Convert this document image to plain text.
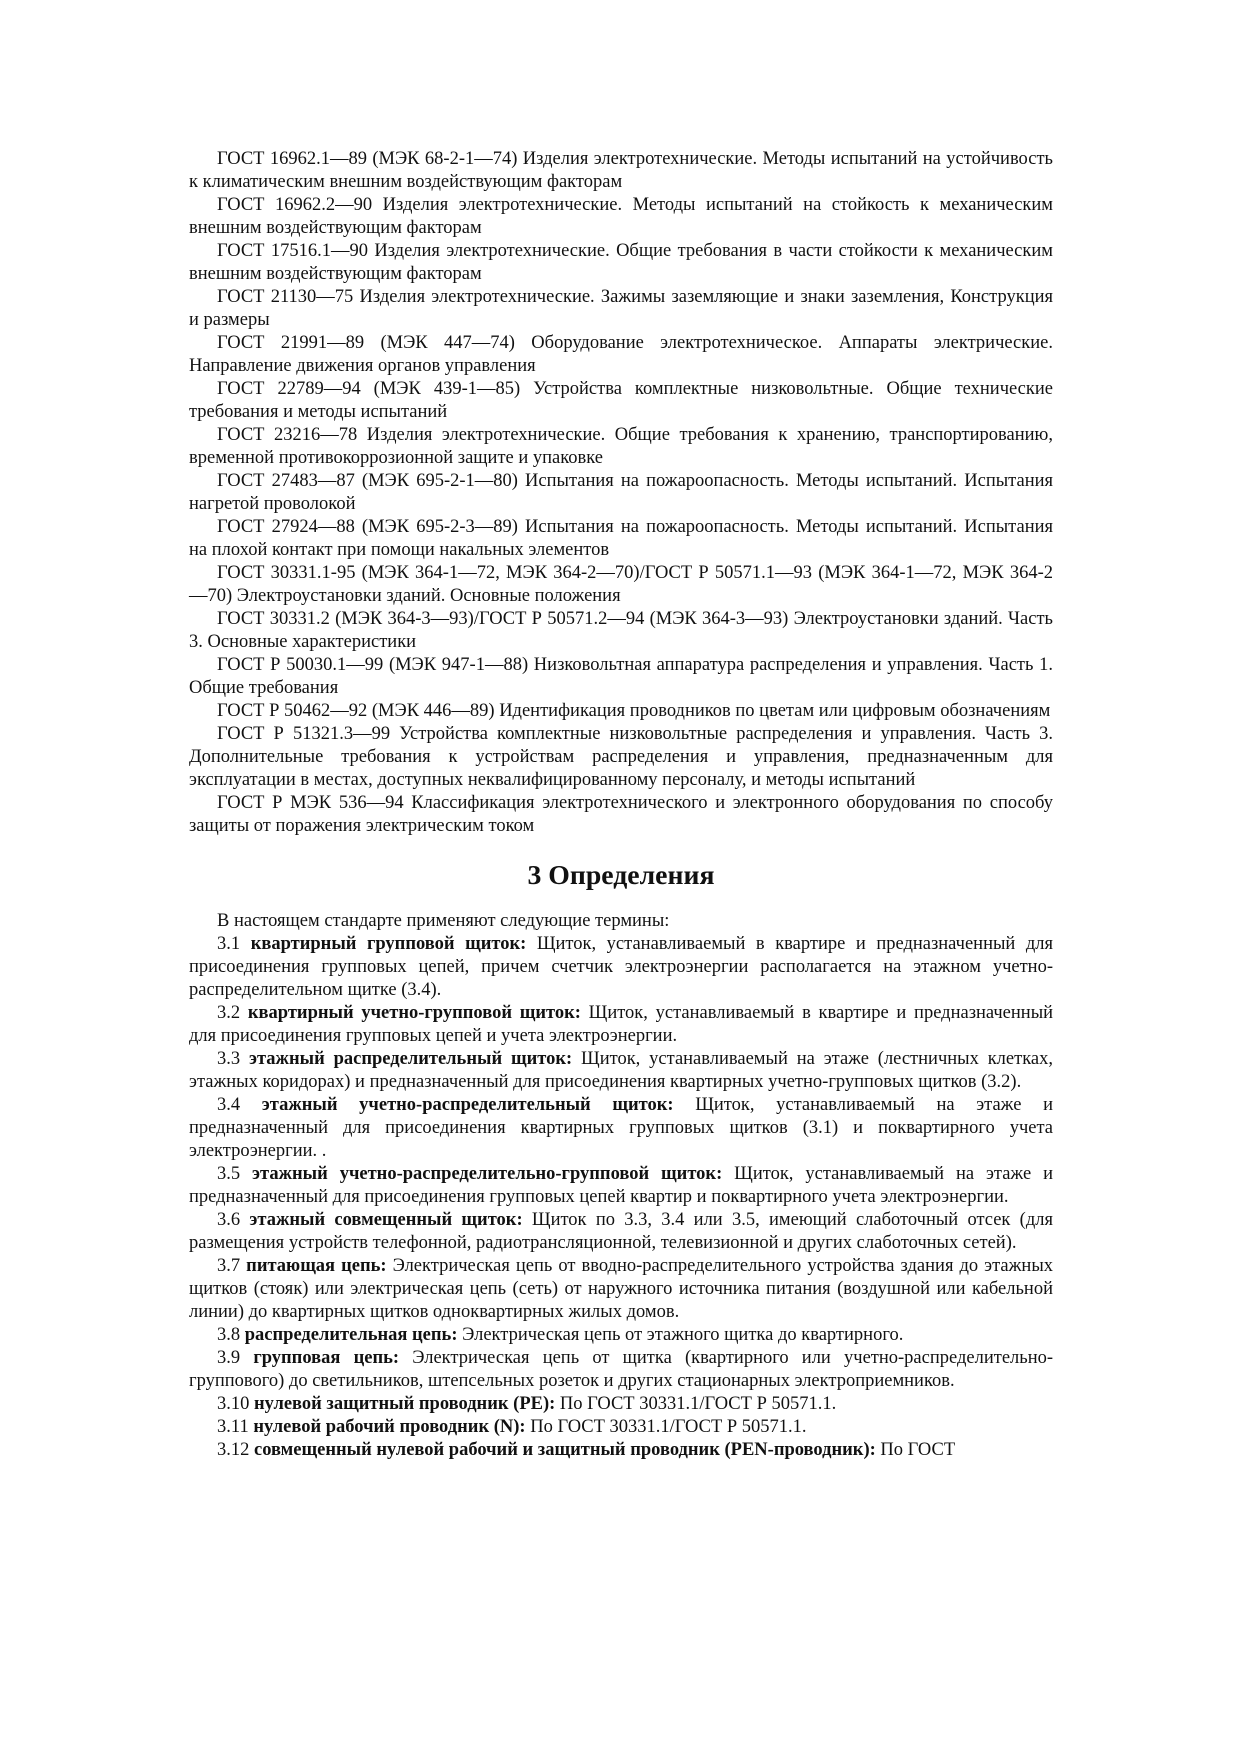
ГОСТ 16962.1—89 (МЭК 68-2-1—74) Изделия электротехнические. Методы испытаний на устойчивость к климатическим внешним воздействующим факторам

ГОСТ 16962.2—90 Изделия электротехнические. Методы испытаний на стойкость к механическим внешним воздействующим факторам

ГОСТ 17516.1—90 Изделия электротехнические. Общие требования в части стойкости к механическим внешним воздействующим факторам

ГОСТ 21130—75 Изделия электротехнические. Зажимы заземляющие и знаки заземления, Конструкция и размеры

ГОСТ 21991—89 (МЭК 447—74) Оборудование электротехническое. Аппараты электрические. Направление движения органов управления

ГОСТ 22789—94 (МЭК 439-1—85) Устройства комплектные низковольтные. Общие технические требования и методы испытаний

ГОСТ 23216—78 Изделия электротехнические. Общие требования к хранению, транспортированию, временной противокоррозионной защите и упаковке

ГОСТ 27483—87 (МЭК 695-2-1—80) Испытания на пожароопасность. Методы испытаний. Испытания нагретой проволокой

ГОСТ 27924—88 (МЭК 695-2-3—89) Испытания на пожароопасность. Методы испытаний. Испытания на плохой контакт при помощи накальных элементов

ГОСТ 30331.1-95 (МЭК 364-1—72, МЭК 364-2—70)/ГОСТ Р 50571.1—93 (МЭК 364-1—72, МЭК 364-2—70) Электроустановки зданий. Основные положения

ГОСТ 30331.2 (МЭК 364-3—93)/ГОСТ Р 50571.2—94 (МЭК 364-3—93) Электроустановки зданий. Часть 3. Основные характеристики

ГОСТ Р 50030.1—99 (МЭК 947-1—88) Низковольтная аппаратура распределения и управления. Часть 1. Общие требования

ГОСТ Р 50462—92 (МЭК 446—89) Идентификация проводников по цветам или цифровым обозначениям

ГОСТ Р 51321.3—99 Устройства комплектные низковольтные распределения и управления. Часть 3. Дополнительные требования к устройствам распределения и управления, предназначенным для эксплуатации в местах, доступных неквалифицированному персоналу, и методы испытаний

ГОСТ Р МЭК 536—94 Классификация электротехнического и электронного оборудования по способу защиты от поражения электрическим током

3 Определения

В настоящем стандарте применяют следующие термины:

3.1 квартирный групповой щиток: Щиток, устанавливаемый в квартире и предназначенный для присоединения групповых цепей, причем счетчик электроэнергии располагается на этажном учетно-распределительном щитке (3.4).

3.2 квартирный учетно-групповой щиток: Щиток, устанавливаемый в квартире и предназначенный для присоединения групповых цепей и учета электроэнергии.

3.3 этажный распределительный щиток: Щиток, устанавливаемый на этаже (лестничных клетках, этажных коридорах) и предназначенный для присоединения квартирных учетно-групповых щитков (3.2).

3.4 этажный учетно-распределительный щиток: Щиток, устанавливаемый на этаже и предназначенный для присоединения квартирных групповых щитков (3.1) и поквартирного учета электроэнергии. .

3.5 этажный учетно-распределительно-групповой щиток: Щиток, устанавливаемый на этаже и предназначенный для присоединения групповых цепей квартир и поквартирного учета электроэнергии.

3.6 этажный совмещенный щиток: Щиток по 3.3, 3.4 или 3.5, имеющий слаботочный отсек (для размещения устройств телефонной, радиотрансляционной, телевизионной и других слаботочных сетей).

3.7 питающая цепь: Электрическая цепь от вводно-распределительного устройства здания до этажных щитков (стояк) или электрическая цепь (сеть) от наружного источника питания (воздушной или кабельной линии) до квартирных щитков одноквартирных жилых домов.

3.8 распределительная цепь: Электрическая цепь от этажного щитка до квартирного.

3.9 групповая цепь: Электрическая цепь от щитка (квартирного или учетно-распределительно-группового) до светильников, штепсельных розеток и других стационарных электроприемников.

3.10 нулевой защитный проводник (PE): По ГОСТ 30331.1/ГОСТ Р 50571.1.

3.11 нулевой рабочий проводник (N): По ГОСТ 30331.1/ГОСТ Р 50571.1.

3.12 совмещенный нулевой рабочий и защитный проводник (PEN-проводник): По ГОСТ
